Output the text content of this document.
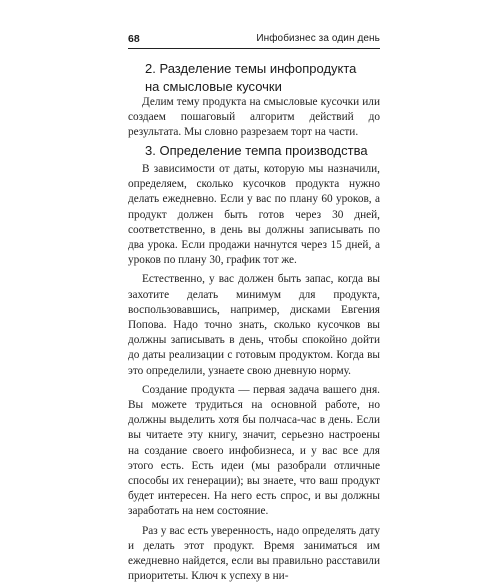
68	Инфобизнес за один день
2. Разделение темы инфопродукта

на смысловые кусочки

Делим тему продукта на смысловые кусочки или создаем пошаговый алгоритм действий до результата. Мы словно разрезаем торт на части.

3. Определение темпа производства

В зависимости от даты, которую мы назначили, определяем, сколько кусочков продукта нужно делать ежедневно. Если у вас по плану 60 уроков, а продукт должен быть готов через 30 дней, соответственно, в день вы должны записывать по два урока. Если продажи начнутся через 15 дней, а уроков по плану 30, график тот же.

Естественно, у вас должен быть запас, когда вы захотите делать минимум для продукта, воспользовавшись, например, дисками Евгения Попова. Надо точно знать, сколько кусочков вы должны записывать в день, чтобы спокойно дойти до даты реализации с готовым продуктом. Когда вы это определили, узнаете свою дневную норму.

Создание продукта — первая задача вашего дня. Вы можете трудиться на основной работе, но должны выделить хотя бы полчаса-час в день. Если вы читаете эту книгу, значит, серьезно настроены на создание своего инфобизнеса, и у вас все для этого есть. Есть идеи (мы разобрали отличные способы их генерации); вы знаете, что ваш продукт будет интересен. На него есть спрос, и вы должны заработать на нем состояние.

Раз у вас есть уверенность, надо определять дату и делать этот продукт. Время заниматься им ежедневно найдется, если вы правильно расставили приоритеты. Ключ к успеху в ни-
